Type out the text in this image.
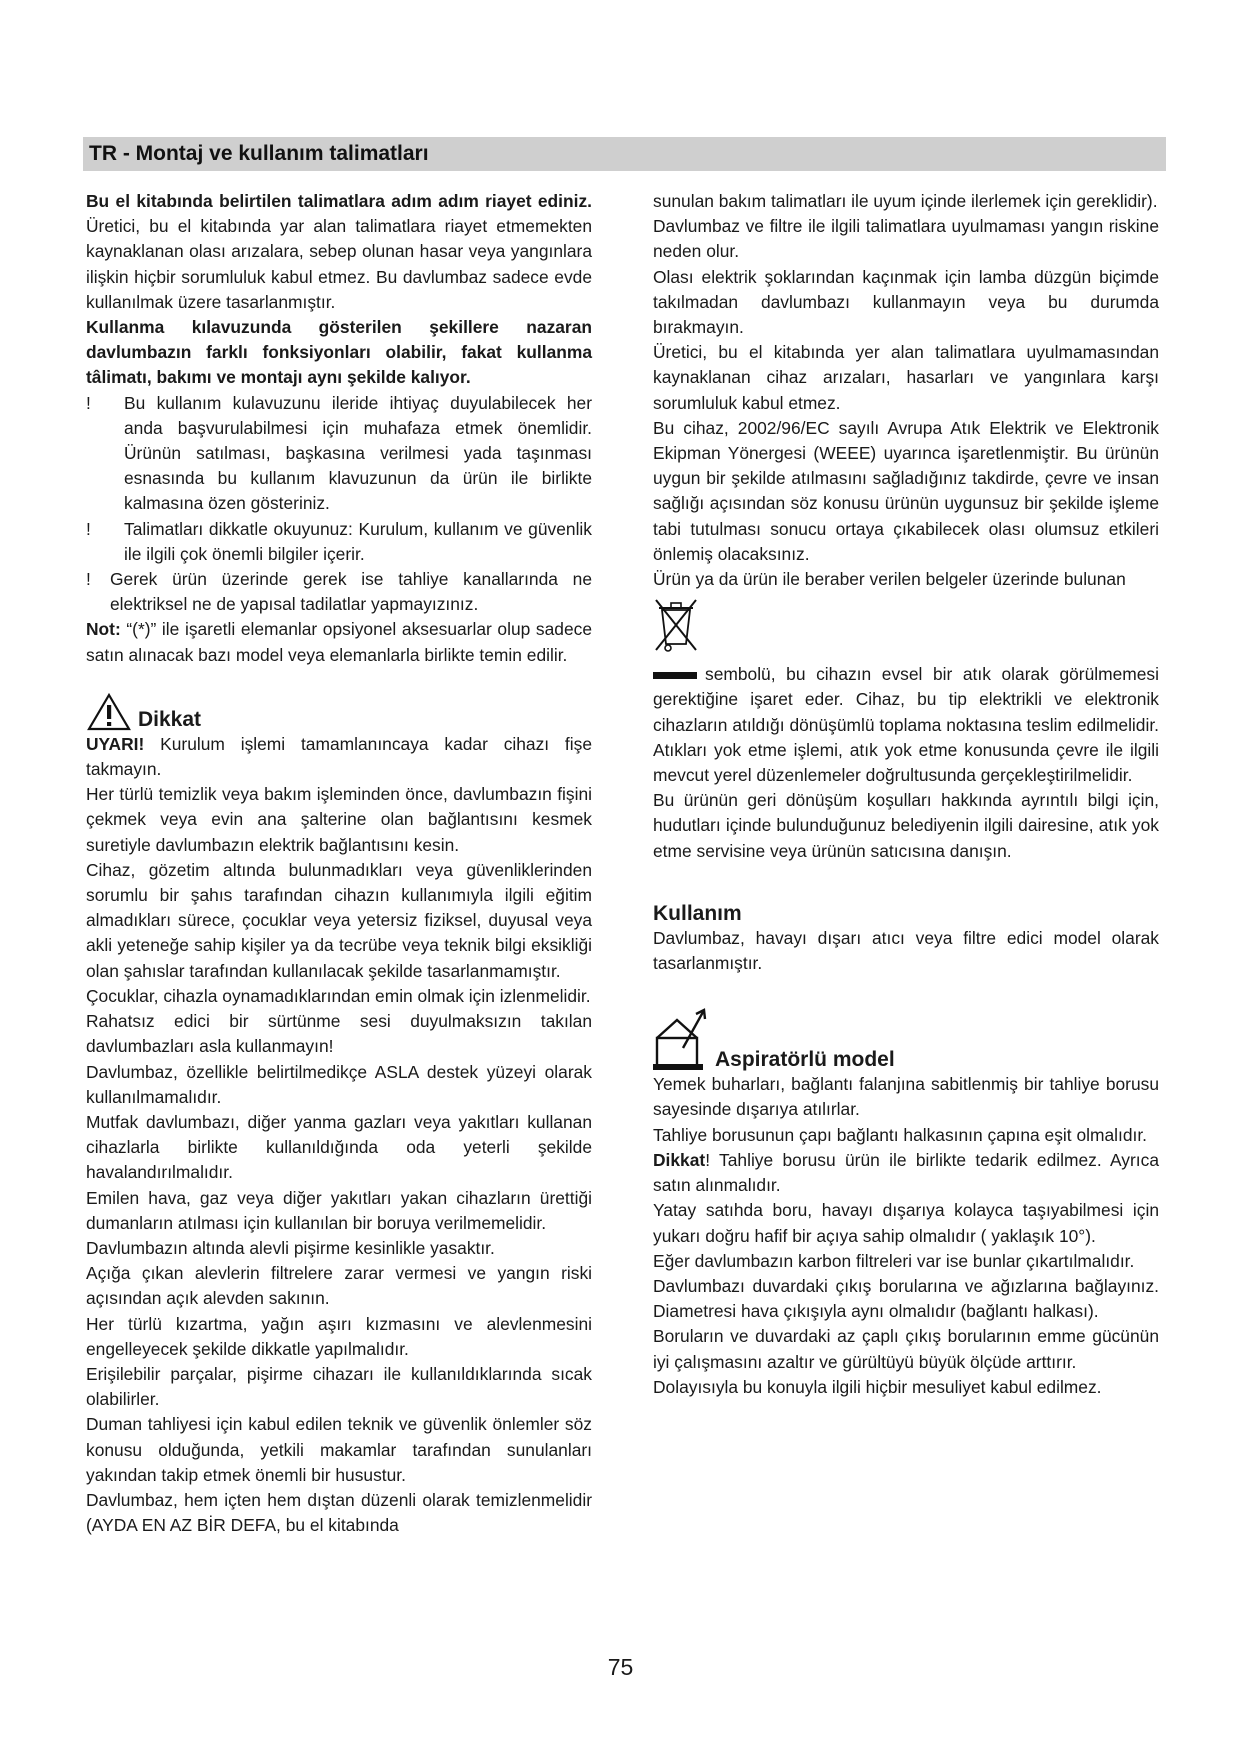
TR - Montaj ve kullanım talimatları

Bu el kitabında belirtilen talimatlara adım adım riayet ediniz. Üretici, bu el kitabında yar alan talimatlara riayet etmemekten kaynaklanan olası arızalara, sebep olunan hasar veya yangınlara ilişkin hiçbir sorumluluk kabul etmez. Bu davlumbaz sadece evde kullanılmak üzere tasarlanmıştır.

Kullanma kılavuzunda gösterilen şekillere nazaran davlumbazın farklı fonksiyonları olabilir, fakat kullanma tâlimatı, bakımı ve montajı aynı şekilde kalıyor.

!	Bu kullanım kulavuzunu ileride ihtiyaç duyulabilecek her anda başvurulabilmesi için muhafaza etmek önemlidir. Ürünün satılması, başkasına verilmesi yada taşınması esnasında bu kullanım klavuzunun da ürün ile birlikte kalmasına özen gösteriniz.
!	Talimatları dikkatle okuyunuz: Kurulum, kullanım ve güvenlik ile ilgili çok önemli bilgiler içerir.
!	Gerek ürün üzerinde gerek ise tahliye kanallarında ne elektriksel ne de yapısal tadilatlar yapmayızınız.

Not: “(*)” ile işaretli elemanlar opsiyonel aksesuarlar olup sadece satın alınacak bazı model veya elemanlarla birlikte temin edilir.

Dikkat

UYARI! Kurulum işlemi tamamlanıncaya kadar cihazı fişe takmayın.

Her türlü temizlik veya bakım işleminden önce, davlumbazın fişini çekmek veya evin ana şalterine olan bağlantısını kesmek suretiyle davlumbazın elektrik bağlantısını kesin.

Cihaz, gözetim altında bulunmadıkları veya güvenliklerinden sorumlu bir şahıs tarafından cihazın kullanımıyla ilgili eğitim almadıkları sürece, çocuklar veya yetersiz fiziksel, duyusal veya akli yeteneğe sahip kişiler ya da tecrübe veya teknik bilgi eksikliği olan şahıslar tarafından kullanılacak şekilde tasarlanmamıştır.

Çocuklar, cihazla oynamadıklarından emin olmak için izlenmelidir.

Rahatsız edici bir sürtünme sesi duyulmaksızın takılan davlumbazları asla kullanmayın!

Davlumbaz, özellikle belirtilmedikçe ASLA destek yüzeyi olarak kullanılmamalıdır.

Mutfak davlumbazı, diğer yanma gazları veya yakıtları kullanan cihazlarla birlikte kullanıldığında oda yeterli şekilde havalandırılmalıdır.

Emilen hava, gaz veya diğer yakıtları yakan cihazların ürettiği dumanların atılması için kullanılan bir boruya verilmemelidir.

Davlumbazın altında alevli pişirme kesinlikle yasaktır.

Açığa çıkan alevlerin filtrelere zarar vermesi ve yangın riski açısından açık alevden sakının.

Her türlü kızartma, yağın aşırı kızmasını ve alevlenmesini engelleyecek şekilde dikkatle yapılmalıdır.

Erişilebilir parçalar, pişirme cihazarı ile kullanıldıklarında sıcak olabilirler.

Duman tahliyesi için kabul edilen teknik ve güvenlik önlemler söz konusu olduğunda, yetkili makamlar tarafından sunulanları yakından takip etmek önemli bir husustur.

Davlumbaz, hem içten hem dıştan düzenli olarak temizlenmelidir (AYDA EN AZ BİR DEFA, bu el kitabında

sunulan bakım talimatları ile uyum içinde ilerlemek için gereklidir).

Davlumbaz ve filtre ile ilgili talimatlara uyulmaması yangın riskine neden olur.

Olası elektrik şoklarından kaçınmak için lamba düzgün biçimde takılmadan davlumbazı kullanmayın veya bu durumda bırakmayın.

Üretici, bu el kitabında yer alan talimatlara uyulmamasından kaynaklanan cihaz arızaları, hasarları ve yangınlara karşı sorumluluk kabul etmez.

Bu cihaz, 2002/96/EC sayılı Avrupa Atık Elektrik ve Elektronik Ekipman Yönergesi (WEEE) uyarınca işaretlenmiştir. Bu ürünün uygun bir şekilde atılmasını sağladığınız takdirde, çevre ve insan sağlığı açısından söz konusu ürünün uygunsuz bir şekilde işleme tabi tutulması sonucu ortaya çıkabilecek olası olumsuz etkileri önlemiş olacaksınız.

Ürün ya da ürün ile beraber verilen belgeler üzerinde bulunan

sembolü, bu cihazın evsel bir atık olarak görülmemesi gerektiğine işaret eder. Cihaz, bu tip elektrikli ve elektronik cihazların atıldığı dönüşümlü toplama noktasına teslim edilmelidir. Atıkları yok etme işlemi, atık yok etme konusunda çevre ile ilgili mevcut yerel düzenlemeler doğrultusunda gerçekleştirilmelidir.

Bu ürünün geri dönüşüm koşulları hakkında ayrıntılı bilgi için, hudutları içinde bulunduğunuz belediyenin ilgili dairesine, atık yok etme servisine veya ürünün satıcısına danışın.

Kullanım

Davlumbaz, havayı dışarı atıcı veya filtre edici model olarak tasarlanmıştır.

Aspiratörlü model

Yemek buharları, bağlantı falanjına sabitlenmiş bir tahliye borusu sayesinde dışarıya atılırlar.

Tahliye borusunun çapı bağlantı halkasının çapına eşit olmalıdır.

Dikkat! Tahliye borusu ürün ile birlikte tedarik edilmez. Ayrıca satın alınmalıdır.

Yatay satıhda boru, havayı dışarıya kolayca taşıyabilmesi için yukarı doğru hafif bir açıya sahip olmalıdır ( yaklaşık 10°).

Eğer davlumbazın karbon filtreleri var ise bunlar çıkartılmalıdır.

Davlumbazı duvardaki çıkış borularına ve ağızlarına bağlayınız. Diametresi hava çıkışıyla aynı olmalıdır (bağlantı halkası).

Boruların ve duvardaki az çaplı çıkış borularının emme gücünün iyi çalışmasını azaltır ve gürültüyü büyük ölçüde arttırır.

Dolayısıyla bu konuyla ilgili hiçbir mesuliyet kabul edilmez.

75
